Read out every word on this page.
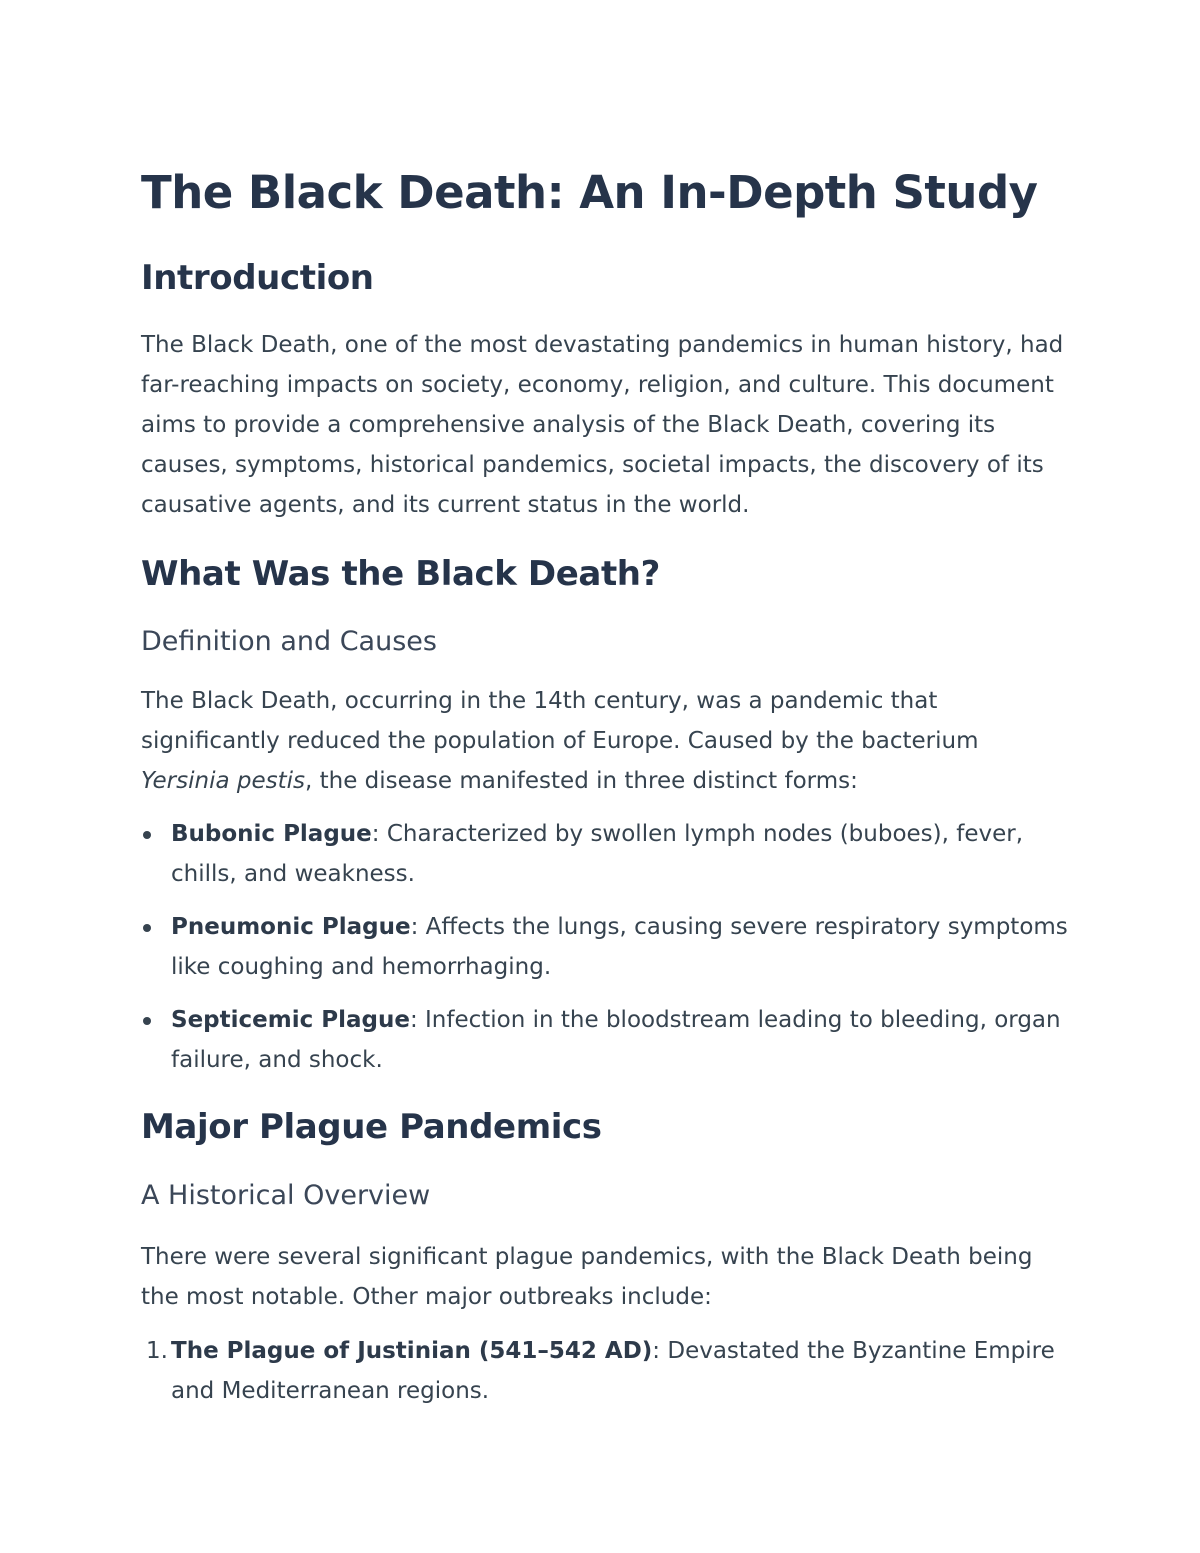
The Black Death: An In-Depth Study
Introduction

The Black Death, one of the most devastating pandemics in human history, had far-reaching impacts on society, economy, religion, and culture. This document aims to provide a comprehensive analysis of the Black Death, covering its causes, symptoms, historical pandemics, societal impacts, the discovery of its causative agents, and its current status in the world.

What Was the Black Death?
Definition and Causes

The Black Death, occurring in the 14th century, was a pandemic that significantly reduced the population of Europe. Caused by the bacterium Yersinia pestis, the disease manifested in three distinct forms:

Bubonic Plague: Characterized by swollen lymph nodes (buboes), fever, chills, and weakness.
Pneumonic Plague: Affects the lungs, causing severe respiratory symptoms like coughing and hemorrhaging.
Septicemic Plague: Infection in the bloodstream leading to bleeding, organ failure, and shock.
Major Plague Pandemics
A Historical Overview

There were several significant plague pandemics, with the Black Death being the most notable. Other major outbreaks include:

1. The Plague of Justinian (541–542 AD): Devastated the Byzantine Empire and Mediterranean regions.
